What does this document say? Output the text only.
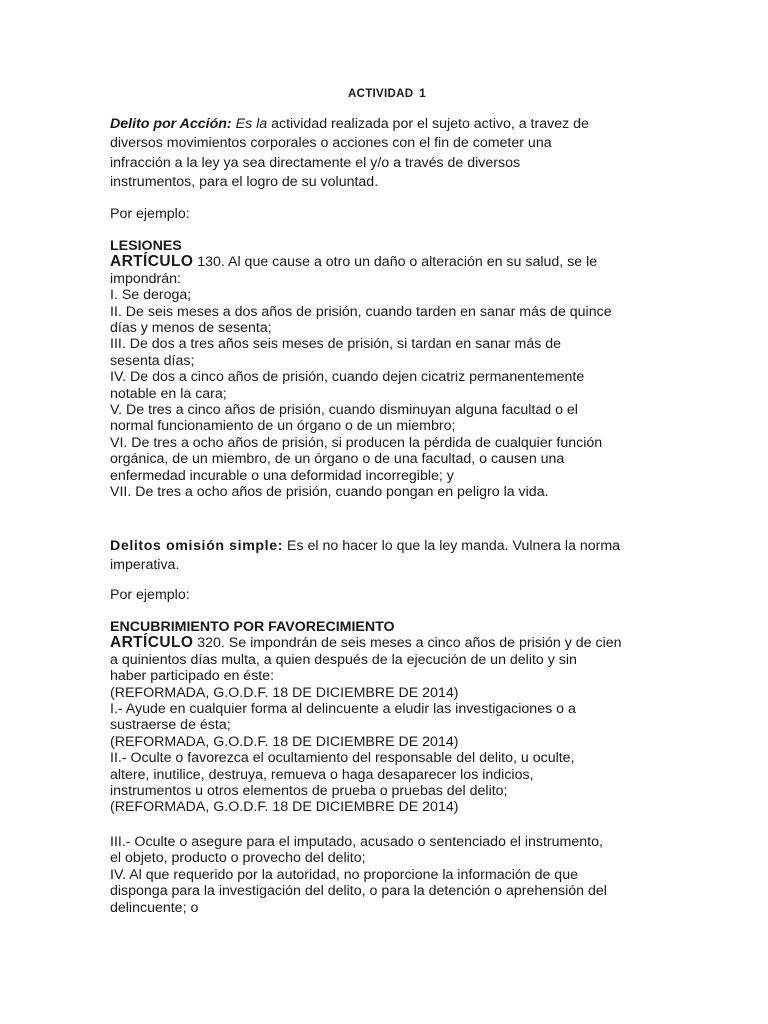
ACTIVIDAD 1
Delito por Acción: Es la actividad realizada por el sujeto activo, a travez de
diversos movimientos corporales o acciones con el fin de cometer una
infracción a la ley ya sea directamente el y/o a través de diversos
instrumentos, para el logro de su voluntad.
Por ejemplo:
LESIONES
ARTÍCULO 130. Al que cause a otro un daño o alteración en su salud, se le
impondrán:
I. Se deroga;
II. De seis meses a dos años de prisión, cuando tarden en sanar más de quince
días y menos de sesenta;
III. De dos a tres años seis meses de prisión, si tardan en sanar más de
sesenta días;
IV. De dos a cinco años de prisión, cuando dejen cicatriz permanentemente
notable en la cara;
V. De tres a cinco años de prisión, cuando disminuyan alguna facultad o el
normal funcionamiento de un órgano o de un miembro;
VI. De tres a ocho años de prisión, si producen la pérdida de cualquier función
orgánica, de un miembro, de un órgano o de una facultad, o causen una
enfermedad incurable o una deformidad incorregible; y
VII. De tres a ocho años de prisión, cuando pongan en peligro la vida.
Delitos omisión simple: Es el no hacer lo que la ley manda. Vulnera la norma
imperativa.
Por ejemplo:
ENCUBRIMIENTO POR FAVORECIMIENTO
ARTÍCULO 320. Se impondrán de seis meses a cinco años de prisión y de cien
a quinientos días multa, a quien después de la ejecución de un delito y sin
haber participado en éste:
(REFORMADA, G.O.D.F. 18 DE DICIEMBRE DE 2014)
I.- Ayude en cualquier forma al delincuente a eludir las investigaciones o a
sustraerse de ésta;
(REFORMADA, G.O.D.F. 18 DE DICIEMBRE DE 2014)
II.- Oculte o favorezca el ocultamiento del responsable del delito, u oculte,
altere, inutilice, destruya, remueva o haga desaparecer los indicios,
instrumentos u otros elementos de prueba o pruebas del delito;
(REFORMADA, G.O.D.F. 18 DE DICIEMBRE DE 2014)
III.- Oculte o asegure para el imputado, acusado o sentenciado el instrumento,
el objeto, producto o provecho del delito;
IV. Al que requerido por la autoridad, no proporcione la información de que
disponga para la investigación del delito, o para la detención o aprehensión del
delincuente; o
